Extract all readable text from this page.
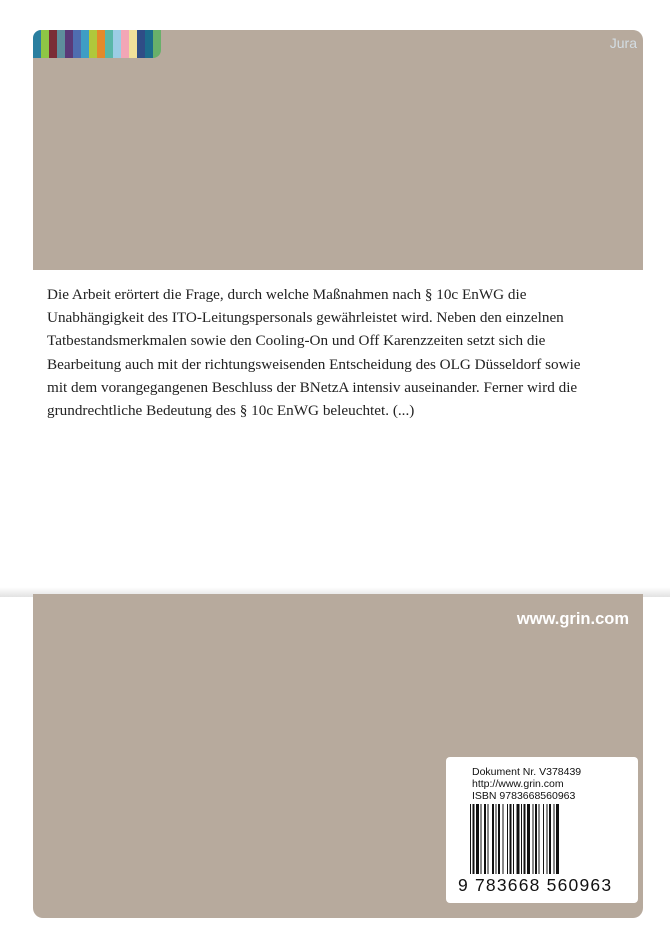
Jura

Die Arbeit erörtert die Frage, durch welche Maßnahmen nach § 10c EnWG die
Unabhängigkeit des ITO-Leitungspersonals gewährleistet wird. Neben den einzelnen
Tatbestandsmerkmalen sowie den Cooling-On und Off Karenzzeiten setzt sich die
Bearbeitung auch mit der richtungsweisenden Entscheidung des OLG Düsseldorf sowie
mit dem vorangegangenen Beschluss der BNetzA intensiv auseinander. Ferner wird die
grundrechtliche Bedeutung des § 10c EnWG beleuchtet. (...)

www.grin.com
Dokument Nr. V378439
http://www.grin.com
ISBN 9783668560963
9 783668 560963
